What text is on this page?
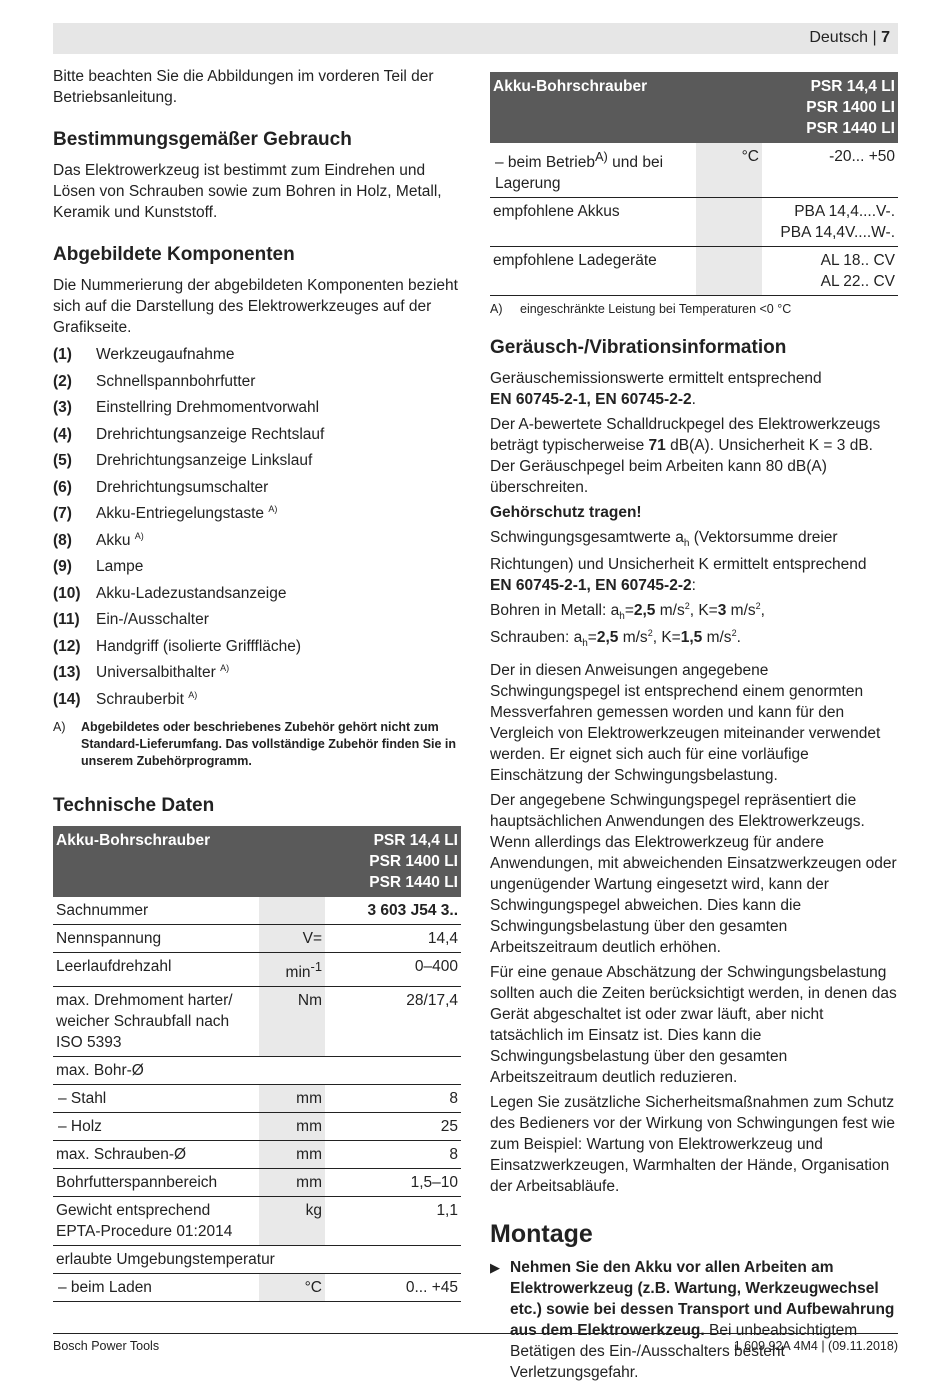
Deutsch | 7

Bitte beachten Sie die Abbildungen im vorderen Teil der Betriebsanleitung.

Bestimmungsgemäßer Gebrauch

Das Elektrowerkzeug ist bestimmt zum Eindrehen und Lösen von Schrauben sowie zum Bohren in Holz, Metall, Keramik und Kunststoff.

Abgebildete Komponenten

Die Nummerierung der abgebildeten Komponenten bezieht sich auf die Darstellung des Elektrowerkzeuges auf der Grafikseite.

(1)	Werkzeugaufnahme
(2)	Schnellspannbohrfutter
(3)	Einstellring Drehmomentvorwahl
(4)	Drehrichtungsanzeige Rechtslauf
(5)	Drehrichtungsanzeige Linkslauf
(6)	Drehrichtungsumschalter
(7)	Akku-Entriegelungstaste $^{A)}$
(8)	Akku $^{A)}$
(9)	Lampe
(10) Akku-Ladezustandsanzeige
(11)	Ein-/Ausschalter
(12) Handgriff (isolierte Grifffläche)
(13) Universalbithalter $^{A)}$
(14) Schrauberbit $^{A)}$
A)	Abgebildetes oder beschriebenes Zubehör gehört nicht zum Standard-Lieferumfang. Das vollständige Zubehör finden Sie in unserem Zubehörprogramm.
Technische Daten
Akku-Bohrschrauber		PSR 14,4 LI
PSR 1400 LI
PSR 1440 LI

Sachnummer		3 603 J54 3..
Nennspannung	V=	14,4
Leerlaufdrehzahl	$\min^{-1}$	0–400
max. Drehmoment harter/ weicher Schraubfall nach ISO 5393	Nm	28/17,4
max. Bohr-Ø		
– Stahl	mm	8
– Holz	mm	25
max. Schrauben-Ø	mm	8
Bohrfutterspannbereich	mm	1,5–10
Gewicht entsprechend EPTA-Procedure 01:2014	kg	1,1
erlaubte Umgebungstemperatur		
– beim Laden	°C	0... +45
Akku-Bohrschrauber		PSR 14,4 LI
PSR 1400 LI
PSR 1440 LI

– beim Betrieb$^{A)}$ und bei Lagerung	°C	-20... +50
empfohlene Akkus		PBA 14,4....V-.
PBA 14,4V....W-.

empfohlene Ladegeräte		AL 18.. CV
AL 22.. CV
A)	eingeschränkte Leistung bei Temperaturen <0 °C
Geräusch-/Vibrationsinformation

Geräuschemissionswerte ermittelt entsprechend
EN 60745-2-1, EN 60745-2-2.

Der A-bewertete Schalldruckpegel des Elektrowerkzeugs beträgt typischerweise 71 dB(A). Unsicherheit K = 3 dB. Der Geräuschpegel beim Arbeiten kann 80 dB(A) überschreiten.

Gehörschutz tragen!

Schwingungsgesamtwerte $a_h$ (Vektorsumme dreier Richtungen) und Unsicherheit K ermittelt entsprechend
EN 60745-2-1, EN 60745-2-2:

Bohren in Metall: $a_h=2,5$ $m/s^2$, K=3 $m/s^2$,
Schrauben: $a_h=2,5$ $m/s^2$, K=1,5 $m/s^2$.

Der in diesen Anweisungen angegebene Schwingungspegel ist entsprechend einem genormten Messverfahren gemessen worden und kann für den Vergleich von Elektrowerkzeugen miteinander verwendet werden. Er eignet sich auch für eine vorläufige Einschätzung der Schwingungsbelastung.

Der angegebene Schwingungspegel repräsentiert die hauptsächlichen Anwendungen des Elektrowerkzeugs. Wenn allerdings das Elektrowerkzeug für andere Anwendungen, mit abweichenden Einsatzwerkzeugen oder ungenügender Wartung eingesetzt wird, kann der Schwingungspegel abweichen. Dies kann die Schwingungsbelastung über den gesamten Arbeitszeitraum deutlich erhöhen.

Für eine genaue Abschätzung der Schwingungsbelastung sollten auch die Zeiten berücksichtigt werden, in denen das Gerät abgeschaltet ist oder zwar läuft, aber nicht tatsächlich im Einsatz ist. Dies kann die Schwingungsbelastung über den gesamten Arbeitszeitraum deutlich reduzieren.

Legen Sie zusätzliche Sicherheitsmaßnahmen zum Schutz des Bedieners vor der Wirkung von Schwingungen fest wie zum Beispiel: Wartung von Elektrowerkzeug und Einsatzwerkzeugen, Warmhalten der Hände, Organisation der Arbeitsabläufe.

Montage
▶ Nehmen Sie den Akku vor allen Arbeiten am Elektrowerkzeug (z.B. Wartung, Werkzeugwechsel etc.) sowie bei dessen Transport und Aufbewahrung aus dem Elektrowerkzeug. Bei unbeabsichtigtem Betätigen des Ein-/Ausschalters besteht Verletzungsgefahr.
Bosch Power Tools	1 609 92A 4M4 | (09.11.2018)
